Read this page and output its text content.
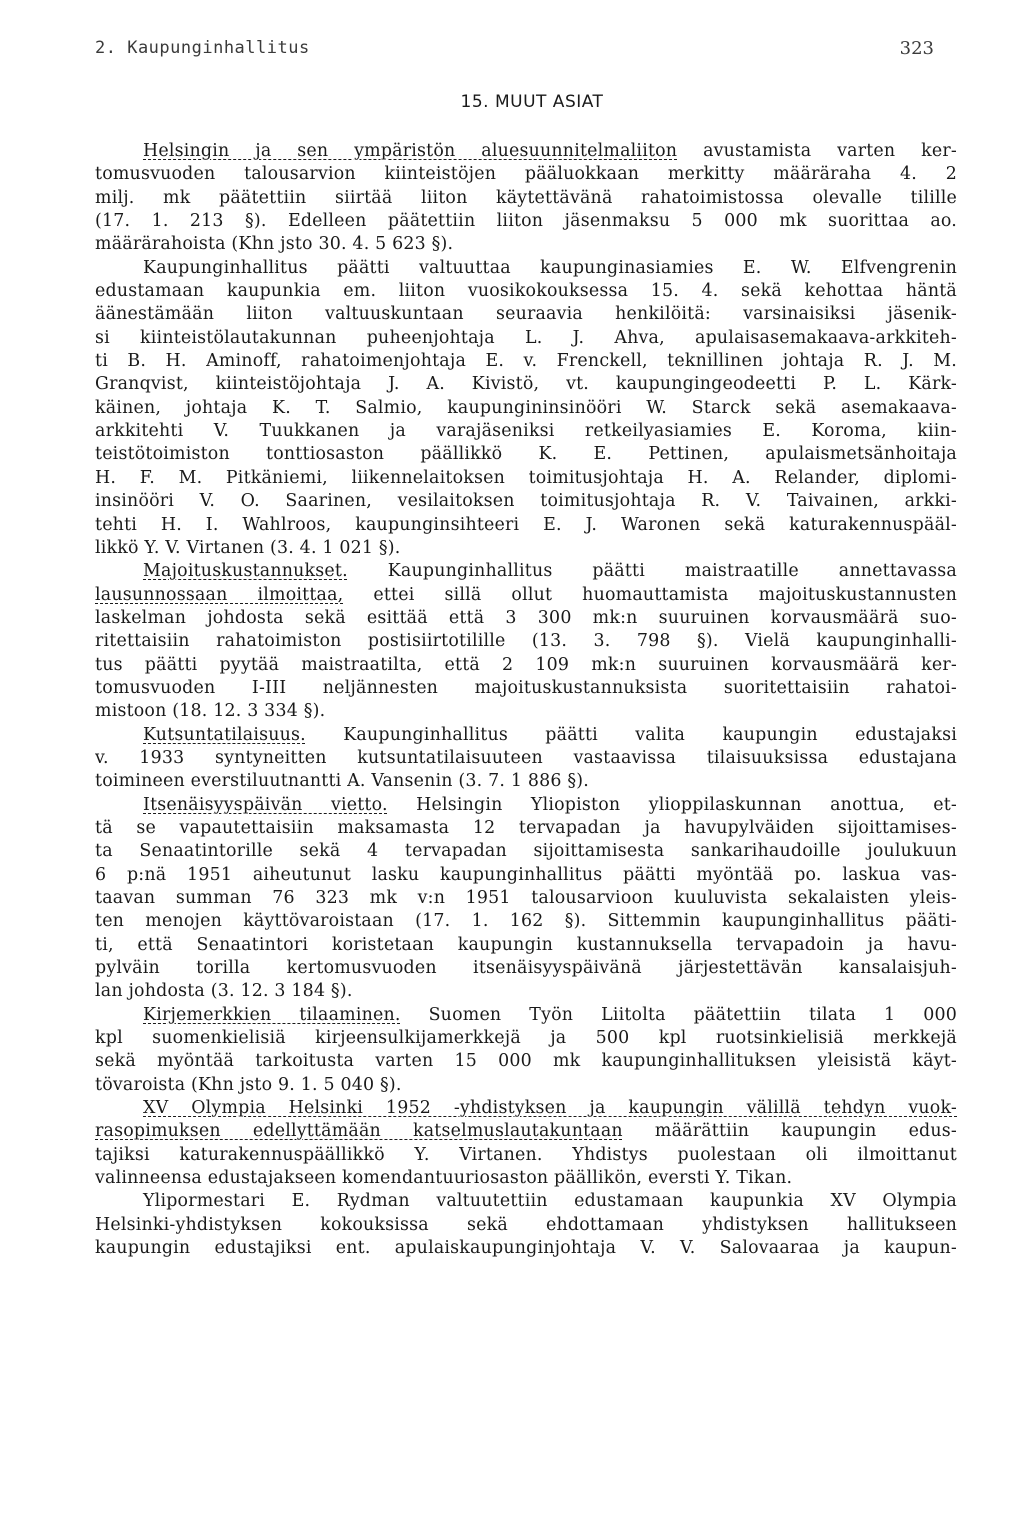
2. Kaupunginhallitus	323
15. MUUT ASIAT
Helsingin ja sen ympäristön aluesuunnitelmaliiton avustamista varten ker-
tomusvuoden talousarvion kiinteistöjen pääluokkaan merkitty määräraha 4. 2
milj. mk päätettiin siirtää liiton käytettävänä rahatoimistossa olevalle tilille
(17. 1. 213 §). Edelleen päätettiin liiton jäsenmaksu 5 000 mk suorittaa ao.
määrärahoista (Khn jsto 30. 4. 5 623 §).
Kaupunginhallitus päätti valtuuttaa kaupunginasiamies E. W. Elfvengrenin
edustamaan kaupunkia em. liiton vuosikokouksessa 15. 4. sekä kehottaa häntä
äänestämään liiton valtuuskuntaan seuraavia henkilöitä: varsinaisiksi jäsenik-
si kiinteistölautakunnan puheenjohtaja L. J. Ahva, apulaisasemakaava-arkkiteh-
ti B. H. Aminoff, rahatoimenjohtaja E. v. Frenckell, teknillinen johtaja R. J. M.
Granqvist, kiinteistöjohtaja J. A. Kivistö, vt. kaupungingeodeetti P. L. Kärk-
käinen, johtaja K. T. Salmio, kaupungininsinööri W. Starck sekä asemakaava-
arkkitehti V. Tuukkanen ja varajäseniksi retkeilyasiamies E. Koroma, kiin-
teistötoimiston tonttiosaston päällikkö K. E. Pettinen, apulaismetsänhoitaja
H. F. M. Pitkäniemi, liikennelaitoksen toimitusjohtaja H. A. Relander, diplomi-
insinööri V. O. Saarinen, vesilaitoksen toimitusjohtaja R. V. Taivainen, arkki-
tehti H. I. Wahlroos, kaupunginsihteeri E. J. Waronen sekä katurakennuspääl-
likkö Y. V. Virtanen (3. 4. 1 021 §).
Majoituskustannukset. Kaupunginhallitus päätti maistraatille annettavassa
lausunnossaan ilmoittaa, ettei sillä ollut huomauttamista majoituskustannusten
laskelman johdosta sekä esittää että 3 300 mk:n suuruinen korvausmäärä suo-
ritettaisiin rahatoimiston postisiirtotilille (13. 3. 798 §). Vielä kaupunginhalli-
tus päätti pyytää maistraatilta, että 2 109 mk:n suuruinen korvausmäärä ker-
tomusvuoden I-III neljännesten majoituskustannuksista suoritettaisiin rahatoi-
mistoon (18. 12. 3 334 §).
Kutsuntatilaisuus. Kaupunginhallitus päätti valita kaupungin edustajaksi
v. 1933 syntyneitten kutsuntatilaisuuteen vastaavissa tilaisuuksissa edustajana
toimineen everstiluutnantti A. Vansenin (3. 7. 1 886 §).
Itsenäisyyspäivän vietto. Helsingin Yliopiston ylioppilaskunnan anottua, et-
tä se vapautettaisiin maksamasta 12 tervapadan ja havupylväiden sijoittamises-
ta Senaatintorille sekä 4 tervapadan sijoittamisesta sankarihaudoille joulukuun
6 p:nä 1951 aiheutunut lasku kaupunginhallitus päätti myöntää po. laskua vas-
taavan summan 76 323 mk v:n 1951 talousarvioon kuuluvista sekalaisten yleis-
ten menojen käyttövaroistaan (17. 1. 162 §). Sittemmin kaupunginhallitus pääti-
ti, että Senaatintori koristetaan kaupungin kustannuksella tervapadoin ja havu-
pylväin torilla kertomusvuoden itsenäisyyspäivänä järjestettävän kansalaisjuh-
lan johdosta (3. 12. 3 184 §).
Kirjemerkkien tilaaminen. Suomen Työn Liitolta päätettiin tilata 1 000
kpl suomenkielisiä kirjeensulkijamerkkejä ja 500 kpl ruotsinkielisiä merkkejä
sekä myöntää tarkoitusta varten 15 000 mk kaupunginhallituksen yleisistä käyt-
tövaroista (Khn jsto 9. 1. 5 040 §).
XV Olympia Helsinki 1952 -yhdistyksen ja kaupungin välillä tehdyn vuok-
rasopimuksen edellyttämään katselmuslautakuntaan määrättiin kaupungin edus-
tajiksi katurakennuspäällikkö Y. Virtanen. Yhdistys puolestaan oli ilmoittanut
valinneensa edustajakseen komendantuuriosaston päällikön, eversti Y. Tikan.
Ylipormestari E. Rydman valtuutettiin edustamaan kaupunkia XV Olympia
Helsinki-yhdistyksen kokouksissa sekä ehdottamaan yhdistyksen hallitukseen
kaupungin edustajiksi ent. apulaiskaupunginjohtaja V. V. Salovaaraa ja kaupun-
